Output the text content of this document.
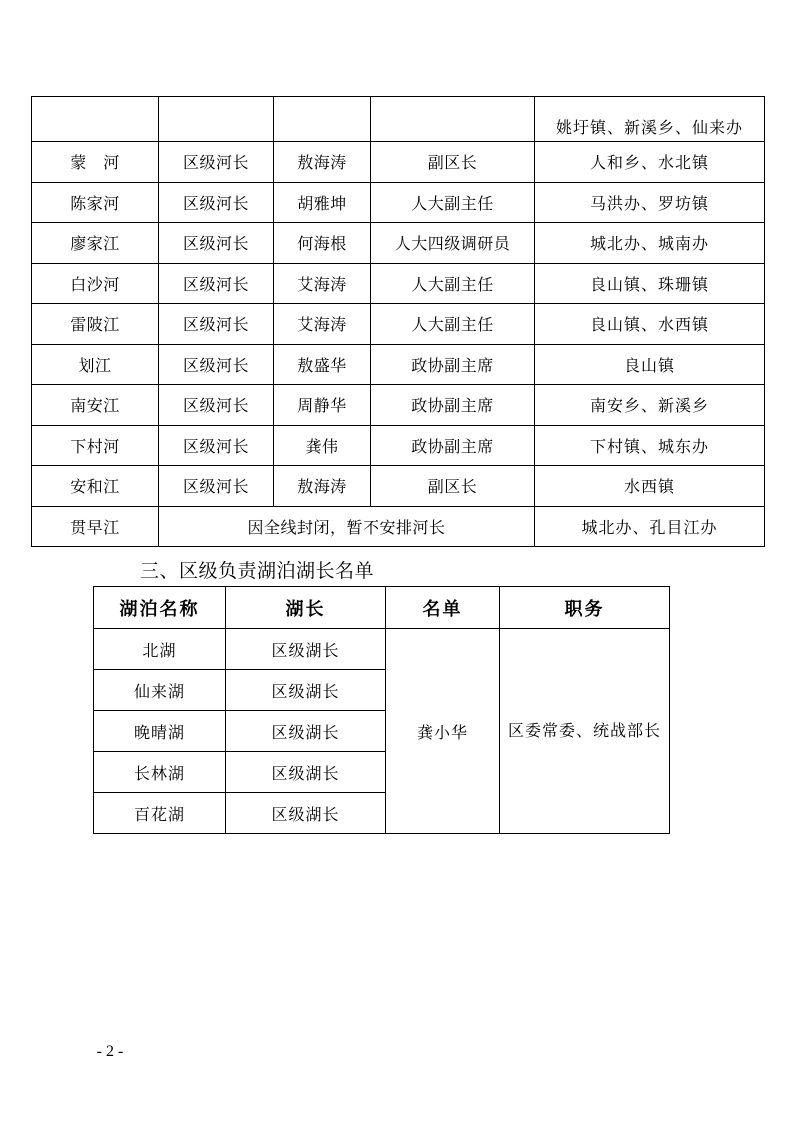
				姚圩镇、新溪乡、仙来办
蒙　河	区级河长	敖海涛	副区长	人和乡、水北镇
陈家河	区级河长	胡雅坤	人大副主任	马洪办、罗坊镇
廖家江	区级河长	何海根	人大四级调研员	城北办、城南办
白沙河	区级河长	艾海涛	人大副主任	良山镇、珠珊镇
雷陂江	区级河长	艾海涛	人大副主任	良山镇、水西镇
划江	区级河长	敖盛华	政协副主席	良山镇
南安江	区级河长	周静华	政协副主席	南安乡、新溪乡
下村河	区级河长	龚伟	政协副主席	下村镇、城东办
安和江	区级河长	敖海涛	副区长	水西镇
贯早江	因全线封闭，暂不安排河长			城北办、孔目江办
三、区级负责湖泊湖长名单
湖泊名称	湖长	名单	职务
北湖	区级湖长	龚小华	区委常委、统战部长
仙来湖	区级湖长		
晚晴湖	区级湖长		
长林湖	区级湖长		
百花湖	区级湖长		
- 2 -
